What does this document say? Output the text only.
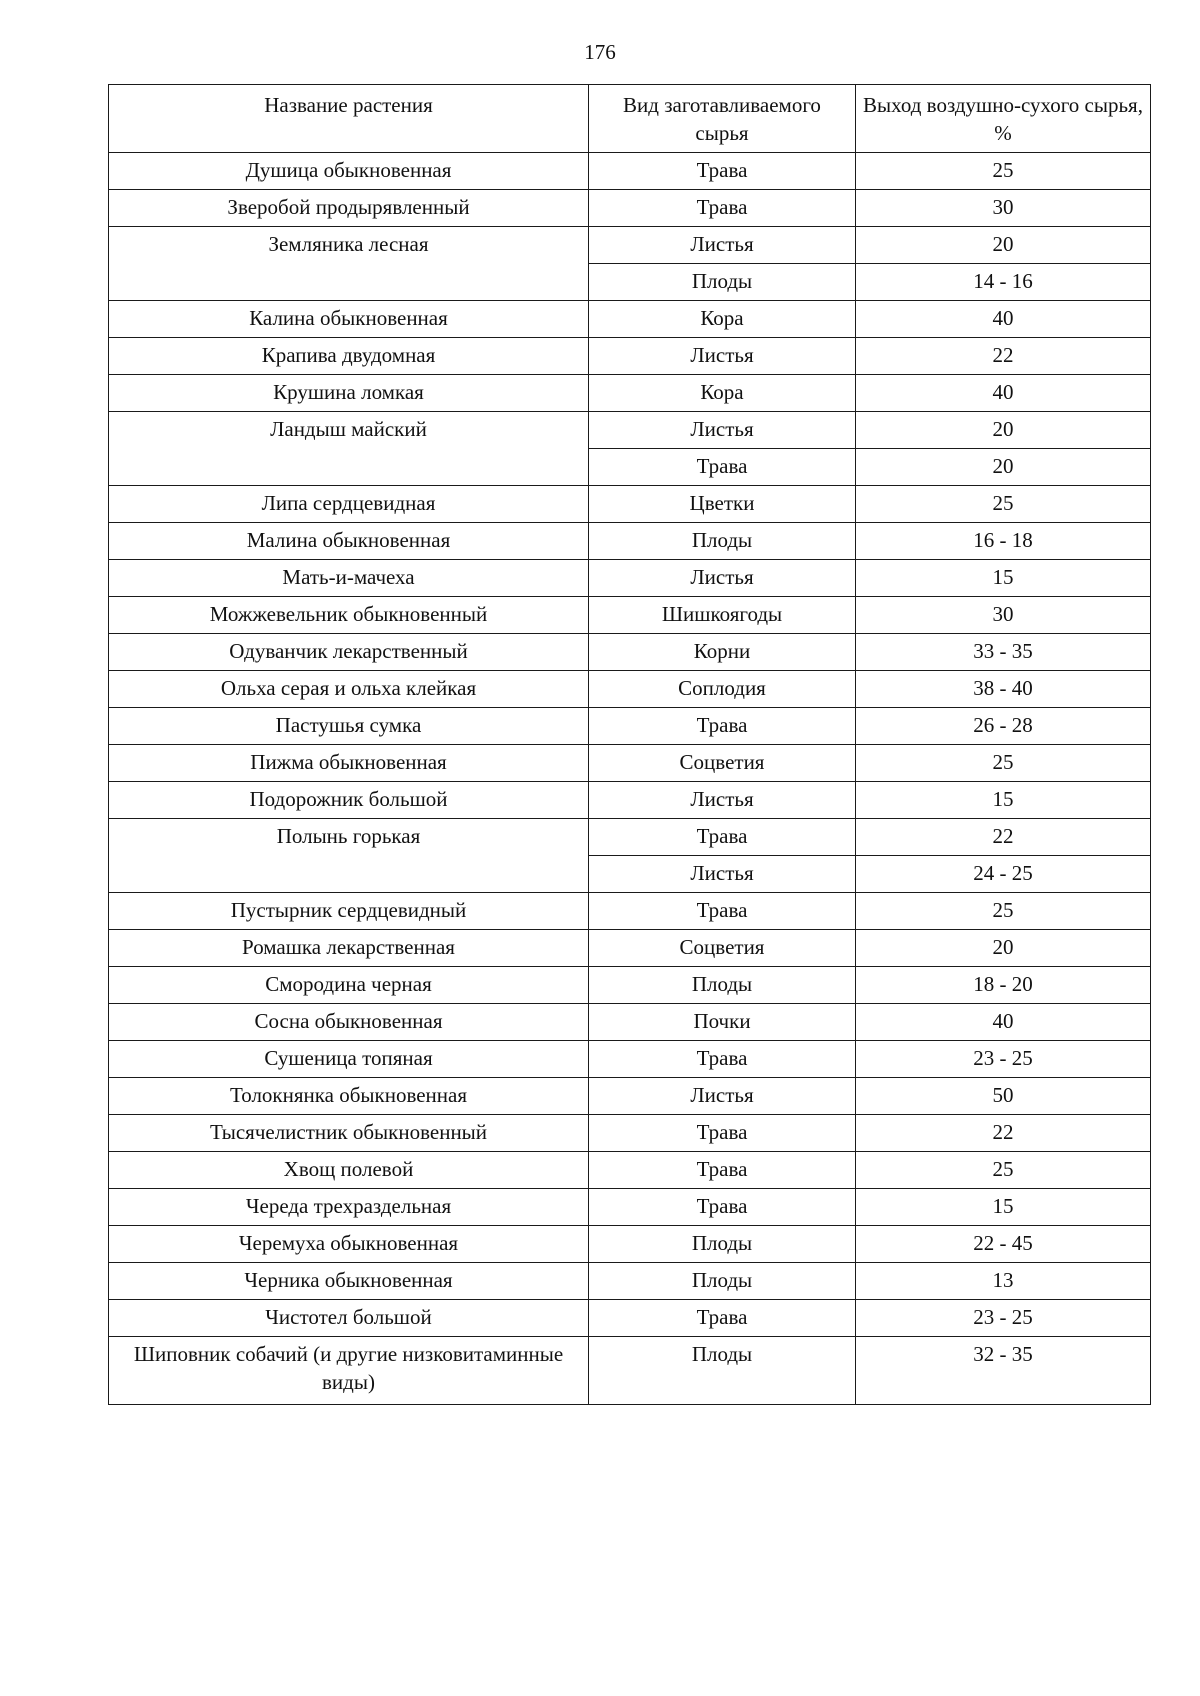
176
Название растения	Вид заготавливаемого сырья	Выход воздушно-сухого сырья, %
Душица обыкновенная	Трава	25
Зверобой продырявленный	Трава	30
Земляника лесная	Листья	20
	Плоды	14 - 16
Калина обыкновенная	Кора	40
Крапива двудомная	Листья	22
Крушина ломкая	Кора	40
Ландыш майский	Листья	20
	Трава	20
Липа сердцевидная	Цветки	25
Малина обыкновенная	Плоды	16 - 18
Мать-и-мачеха	Листья	15
Можжевельник обыкновенный	Шишкоягоды	30
Одуванчик лекарственный	Корни	33 - 35
Ольха серая и ольха клейкая	Соплодия	38 - 40
Пастушья сумка	Трава	26 - 28
Пижма обыкновенная	Соцветия	25
Подорожник большой	Листья	15
Полынь горькая	Трава	22
	Листья	24 - 25
Пустырник сердцевидный	Трава	25
Ромашка лекарственная	Соцветия	20
Смородина черная	Плоды	18 - 20
Сосна обыкновенная	Почки	40
Сушеница топяная	Трава	23 - 25
Толокнянка обыкновенная	Листья	50
Тысячелистник обыкновенный	Трава	22
Хвощ полевой	Трава	25
Череда трехраздельная	Трава	15
Черемуха обыкновенная	Плоды	22 - 45
Черника обыкновенная	Плоды	13
Чистотел большой	Трава	23 - 25
Шиповник собачий (и другие низковитаминные виды)	Плоды	32 - 35
